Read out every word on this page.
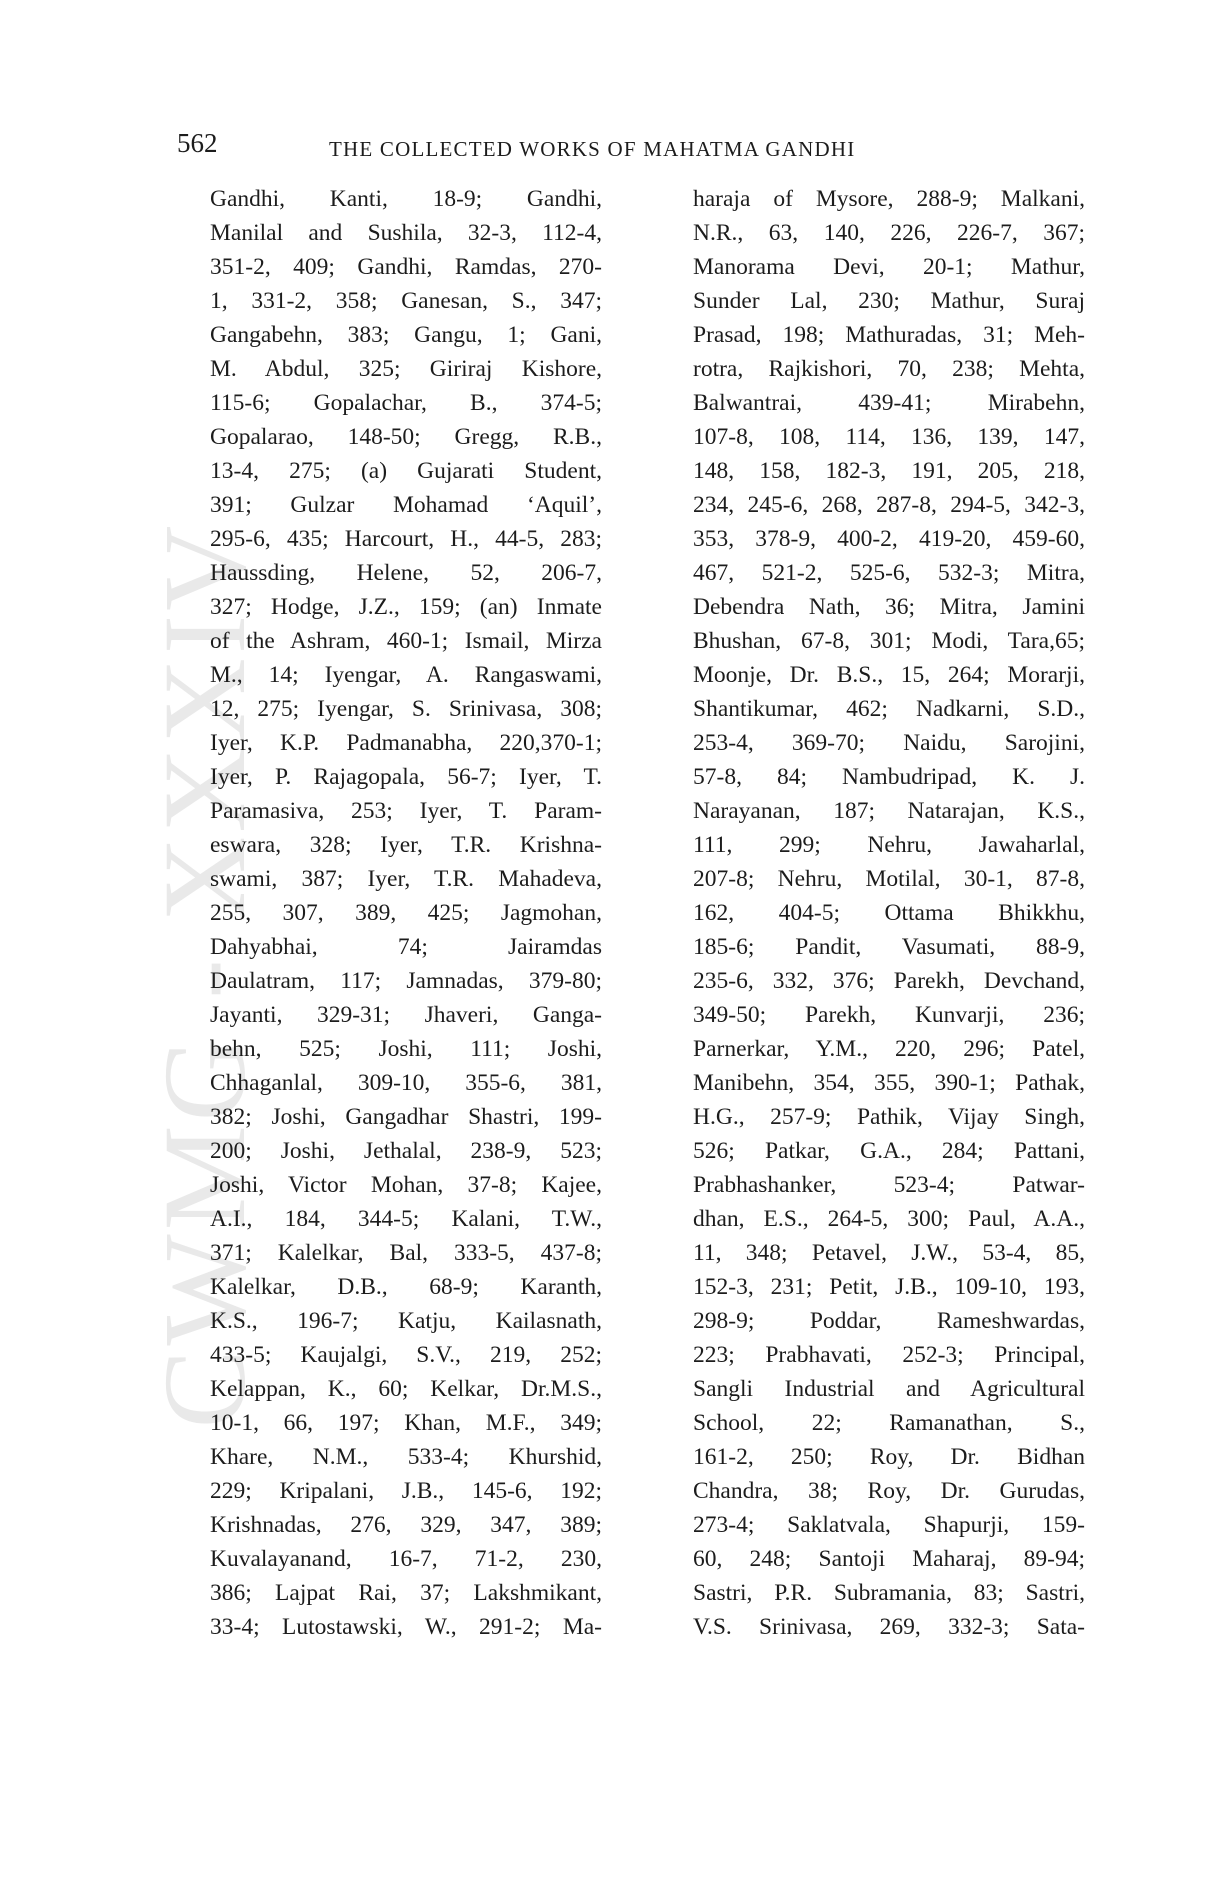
CWMG - XXXIV
562	THE COLLECTED WORKS OF MAHATMA GANDHI
Gandhi, Kanti, 18-9; Gandhi,
Manilal and Sushila, 32-3, 112-4,
351-2, 409; Gandhi, Ramdas, 270-
1, 331-2, 358; Ganesan, S., 347;
Gangabehn, 383; Gangu, 1; Gani,
M. Abdul, 325; Giriraj Kishore,
115-6; Gopalachar, B., 374-5;
Gopalarao, 148-50; Gregg, R.B.,
13-4, 275; (a) Gujarati Student,
391; Gulzar Mohamad ‘Aquil’,
295-6, 435; Harcourt, H., 44-5, 283;
Haussding, Helene, 52, 206-7,
327; Hodge, J.Z., 159; (an) Inmate
of the Ashram, 460-1; Ismail, Mirza
M., 14; Iyengar, A. Rangaswami,
12, 275; Iyengar, S. Srinivasa, 308;
Iyer, K.P. Padmanabha, 220,370-1;
Iyer, P. Rajagopala, 56-7; Iyer, T.
Paramasiva, 253; Iyer, T. Param-
eswara, 328; Iyer, T.R. Krishna-
swami, 387; Iyer, T.R. Mahadeva,
255, 307, 389, 425; Jagmohan,
Dahyabhai, 74; Jairamdas
Daulatram, 117; Jamnadas, 379-80;
Jayanti, 329-31; Jhaveri, Ganga-
behn, 525; Joshi, 111; Joshi,
Chhaganlal, 309-10, 355-6, 381,
382; Joshi, Gangadhar Shastri, 199-
200; Joshi, Jethalal, 238-9, 523;
Joshi, Victor Mohan, 37-8; Kajee,
A.I., 184, 344-5; Kalani, T.W.,
371; Kalelkar, Bal, 333-5, 437-8;
Kalelkar, D.B., 68-9; Karanth,
K.S., 196-7; Katju, Kailasnath,
433-5; Kaujalgi, S.V., 219, 252;
Kelappan, K., 60; Kelkar, Dr.M.S.,
10-1, 66, 197; Khan, M.F., 349;
Khare, N.M., 533-4; Khurshid,
229; Kripalani, J.B., 145-6, 192;
Krishnadas, 276, 329, 347, 389;
Kuvalayanand, 16-7, 71-2, 230,
386; Lajpat Rai, 37; Lakshmikant,
33-4; Lutostawski, W., 291-2; Ma-
haraja of Mysore, 288-9; Malkani,
N.R., 63, 140, 226, 226-7, 367;
Manorama Devi, 20-1; Mathur,
Sunder Lal, 230; Mathur, Suraj
Prasad, 198; Mathuradas, 31; Meh-
rotra, Rajkishori, 70, 238; Mehta,
Balwantrai, 439-41; Mirabehn,
107-8, 108, 114, 136, 139, 147,
148, 158, 182-3, 191, 205, 218,
234, 245-6, 268, 287-8, 294-5, 342-3,
353, 378-9, 400-2, 419-20, 459-60,
467, 521-2, 525-6, 532-3; Mitra,
Debendra Nath, 36; Mitra, Jamini
Bhushan, 67-8, 301; Modi, Tara,65;
Moonje, Dr. B.S., 15, 264; Morarji,
Shantikumar, 462; Nadkarni, S.D.,
253-4, 369-70; Naidu, Sarojini,
57-8, 84; Nambudripad, K. J.
Narayanan, 187; Natarajan, K.S.,
111, 299; Nehru, Jawaharlal,
207-8; Nehru, Motilal, 30-1, 87-8,
162, 404-5; Ottama Bhikkhu,
185-6; Pandit, Vasumati, 88-9,
235-6, 332, 376; Parekh, Devchand,
349-50; Parekh, Kunvarji, 236;
Parnerkar, Y.M., 220, 296; Patel,
Manibehn, 354, 355, 390-1; Pathak,
H.G., 257-9; Pathik, Vijay Singh,
526; Patkar, G.A., 284; Pattani,
Prabhashanker, 523-4; Patwar-
dhan, E.S., 264-5, 300; Paul, A.A.,
11, 348; Petavel, J.W., 53-4, 85,
152-3, 231; Petit, J.B., 109-10, 193,
298-9; Poddar, Rameshwardas,
223; Prabhavati, 252-3; Principal,
Sangli Industrial and Agricultural
School, 22; Ramanathan, S.,
161-2, 250; Roy, Dr. Bidhan
Chandra, 38; Roy, Dr. Gurudas,
273-4; Saklatvala, Shapurji, 159-
60, 248; Santoji Maharaj, 89-94;
Sastri, P.R. Subramania, 83; Sastri,
V.S. Srinivasa, 269, 332-3; Sata-
